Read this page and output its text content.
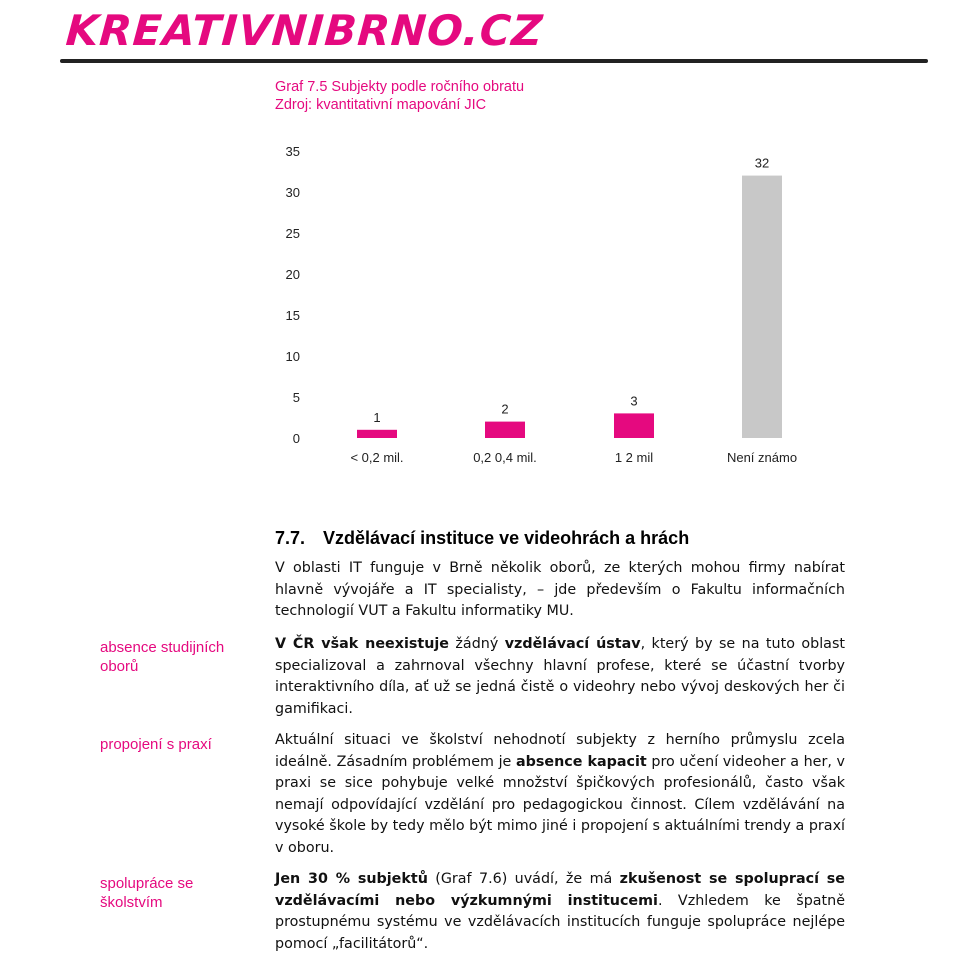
KREATIVNIBRNO.CZ
Graf 7.5 Subjekty podle ročního obratu
Zdroj: kvantitativní mapování JIC
0
5
10
15
20
25
30
35
1
< 0,2 mil.
2
0,2 0,4 mil.
3
1 2 mil
32
Není známo
7.7. Vzdělávací instituce ve videohrách a hrách
V oblasti IT funguje v Brně několik oborů, ze kterých mohou firmy nabírat hlavně vývojáře a IT specialisty, – jde především o Fakultu informačních technologií VUT a Fakultu informatiky MU.
V ČR však neexistuje žádný vzdělávací ústav, který by se na tuto oblast specializoval a zahrnoval všechny hlavní profese, které se účastní tvorby interaktivního díla, ať už se jedná čistě o videohry nebo vývoj deskových her či gamifikaci.
Aktuální situaci ve školství nehodnotí subjekty z herního průmyslu zcela ideálně. Zásadním problémem je absence kapacit pro učení videoher a her, v praxi se sice pohybuje velké množství špičkových profesionálů, často však nemají odpovídající vzdělání pro pedagogickou činnost. Cílem vzdělávání na vysoké škole by tedy mělo být mimo jiné i propojení s aktuálními trendy a praxí v oboru.
Jen 30 % subjektů (Graf 7.6) uvádí, že má zkušenost se spoluprací se vzdělávacími nebo výzkumnými institucemi. Vzhledem ke špatně prostupnému systému ve vzdělávacích institucích funguje spolupráce nejlépe pomocí „facilitátorů“.
absence studijních oborů
propojení s praxí
spolupráce se školstvím
